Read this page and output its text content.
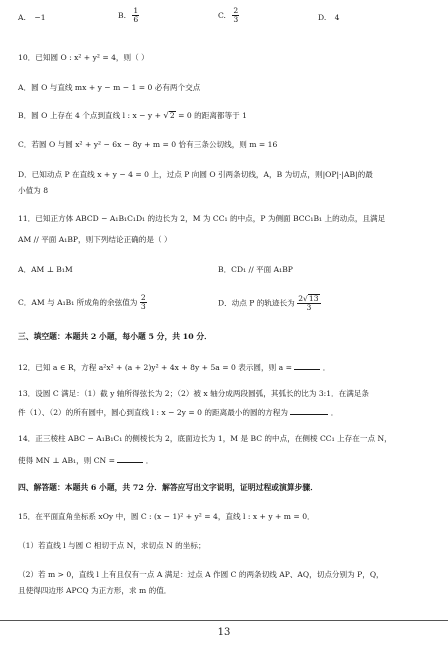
A. −1	B. $\frac{1}{6}$	C. $\frac{2}{3}$	D. 4
10．已知圆 O : x² + y² = 4，则（ ）
A．圆 O 与直线 mx + y − m − 1 = 0 必有两个交点
B．圆 O 上存在 4 个点到直线 l : x − y + √2 = 0 的距离都等于 1
C．若圆 O 与圆 x² + y² − 6x − 8y + m = 0 恰有三条公切线，则 m = 16
D．已知动点 P 在直线 x + y − 4 = 0 上，过点 P 向圆 O 引两条切线，A，B 为切点，则|OP|·|AB|的最
小值为 8
11．已知正方体 ABCD − A₁B₁C₁D₁ 的边长为 2，M 为 CC₁ 的中点，P 为侧面 BCC₁B₁ 上的动点，且满足
AM // 平面 A₁BP，则下列结论正确的是（ ）
A．AM ⊥ B₁M	B．CD₁ // 平面 A₁BP
C．AM 与 A₁B₁ 所成角的余弦值为 $\frac{2}{3}$	D．动点 P 的轨迹长为 $\frac{2√13}{3}$
三、填空题：本题共 2 小题，每小题 5 分，共 10 分．
12．已知 a ∈ R，方程 a²x² + (a + 2)y² + 4x + 8y + 5a = 0 表示圆，则 a =	．
13．设圆 C 满足：（1）截 y 轴所得弦长为 2；（2）被 x 轴分成两段圆弧，其弧长的比为 3:1．在满足条
件（1）、（2）的所有圆中，圆心到直线 l : x − 2y = 0 的距离最小的圆的方程为	．
14．正三棱柱 ABC − A₁B₁C₁ 的侧棱长为 2，底面边长为 1，M 是 BC 的中点，在侧棱 CC₁ 上存在一点 N，
使得 MN ⊥ AB₁，则 CN =	．
四、解答题：本题共 6 小题，共 72 分．解答应写出文字说明，证明过程或演算步骤．
15．在平面直角坐标系 xOy 中，圆 C : (x − 1)² + y² = 4，直线 l : x + y + m = 0．
（1）若直线 l 与圆 C 相切于点 N，求切点 N 的坐标；
（2）若 m > 0，直线 l 上有且仅有一点 A 满足：过点 A 作圆 C 的两条切线 AP、AQ，切点分别为 P，Q，
且使得四边形 APCQ 为正方形，求 m 的值．
13
